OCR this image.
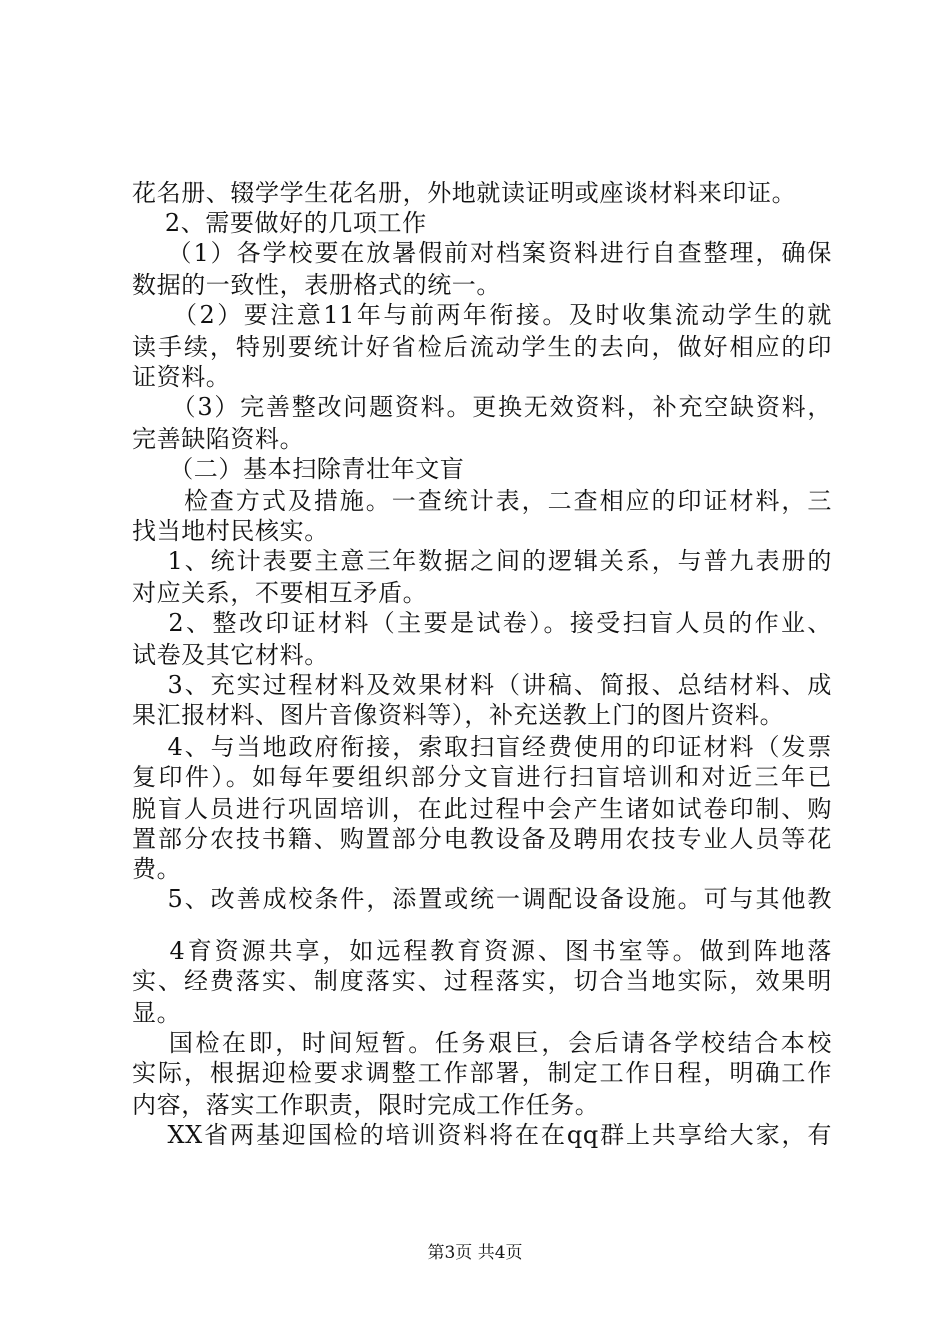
花名册、辍学学生花名册，外地就读证明或座谈材料来印证。
　 2、需要做好的几项工作
　 （1）各学校要在放暑假前对档案资料进行自查整理，确保
数据的一致性，表册格式的统一。
　　（2）要注意11年与前两年衔接。及时收集流动学生的就
读手续，特别要统计好省检后流动学生的去向，做好相应的印
证资料。
　　（3）完善整改问题资料。更换无效资料，补充空缺资料，
完善缺陷资料。
　　（二）基本扫除青壮年文盲
　　检查方式及措施。一查统计表，二查相应的印证材料，三
找当地村民核实。
　 1、统计表要主意三年数据之间的逻辑关系，与普九表册的
对应关系，不要相互矛盾。
　 2、整改印证材料（主要是试卷）。接受扫盲人员的作业、
试卷及其它材料。
　 3、充实过程材料及效果材料（讲稿、简报、总结材料、成
果汇报材料、图片音像资料等），补充送教上门的图片资料。
　 4、与当地政府衔接，索取扫盲经费使用的印证材料（发票
复印件）。如每年要组织部分文盲进行扫盲培训和对近三年已
脱盲人员进行巩固培训，在此过程中会产生诸如试卷印制、购
置部分农技书籍、购置部分电教设备及聘用农技专业人员等花
费。
　 5、改善成校条件，添置或统一调配设备设施。可与其他教
　 4育资源共享，如远程教育资源、图书室等。做到阵地落
实、经费落实、制度落实、过程落实，切合当地实际，效果明
显。
　 国检在即，时间短暂。任务艰巨，会后请各学校结合本校
实际，根据迎检要求调整工作部署，制定工作日程，明确工作
内容，落实工作职责，限时完成工作任务。
　 XX省两基迎国检的培训资料将在在qq群上共享给大家，有
第3页 共4页
